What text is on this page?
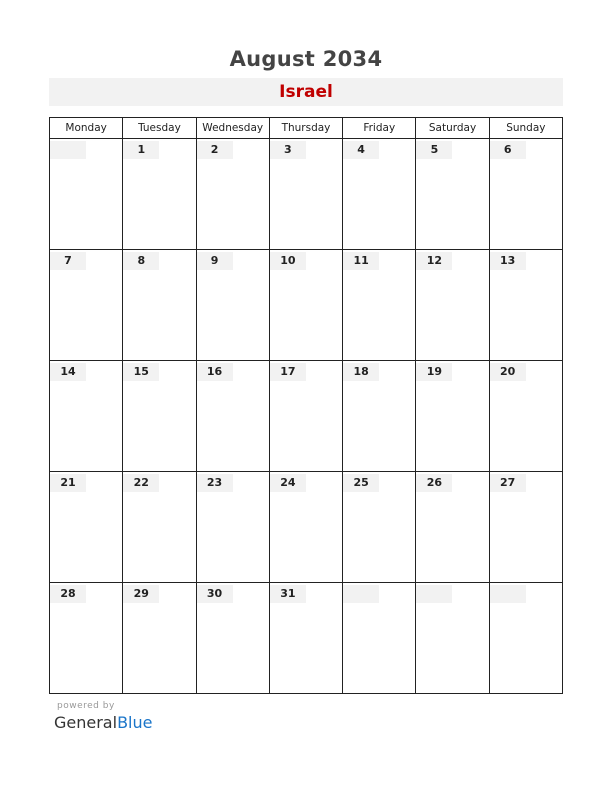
August 2034
Israel
Monday	Tuesday	Wednesday	Thursday	Friday	Saturday	Sunday

	1	2	3	4	5	6

7	8	9	10	11	12	13

14	15	16	17	18	19	20

21	22	23	24	25	26	27

28	29	30	31			

powered by
GeneralBlue
